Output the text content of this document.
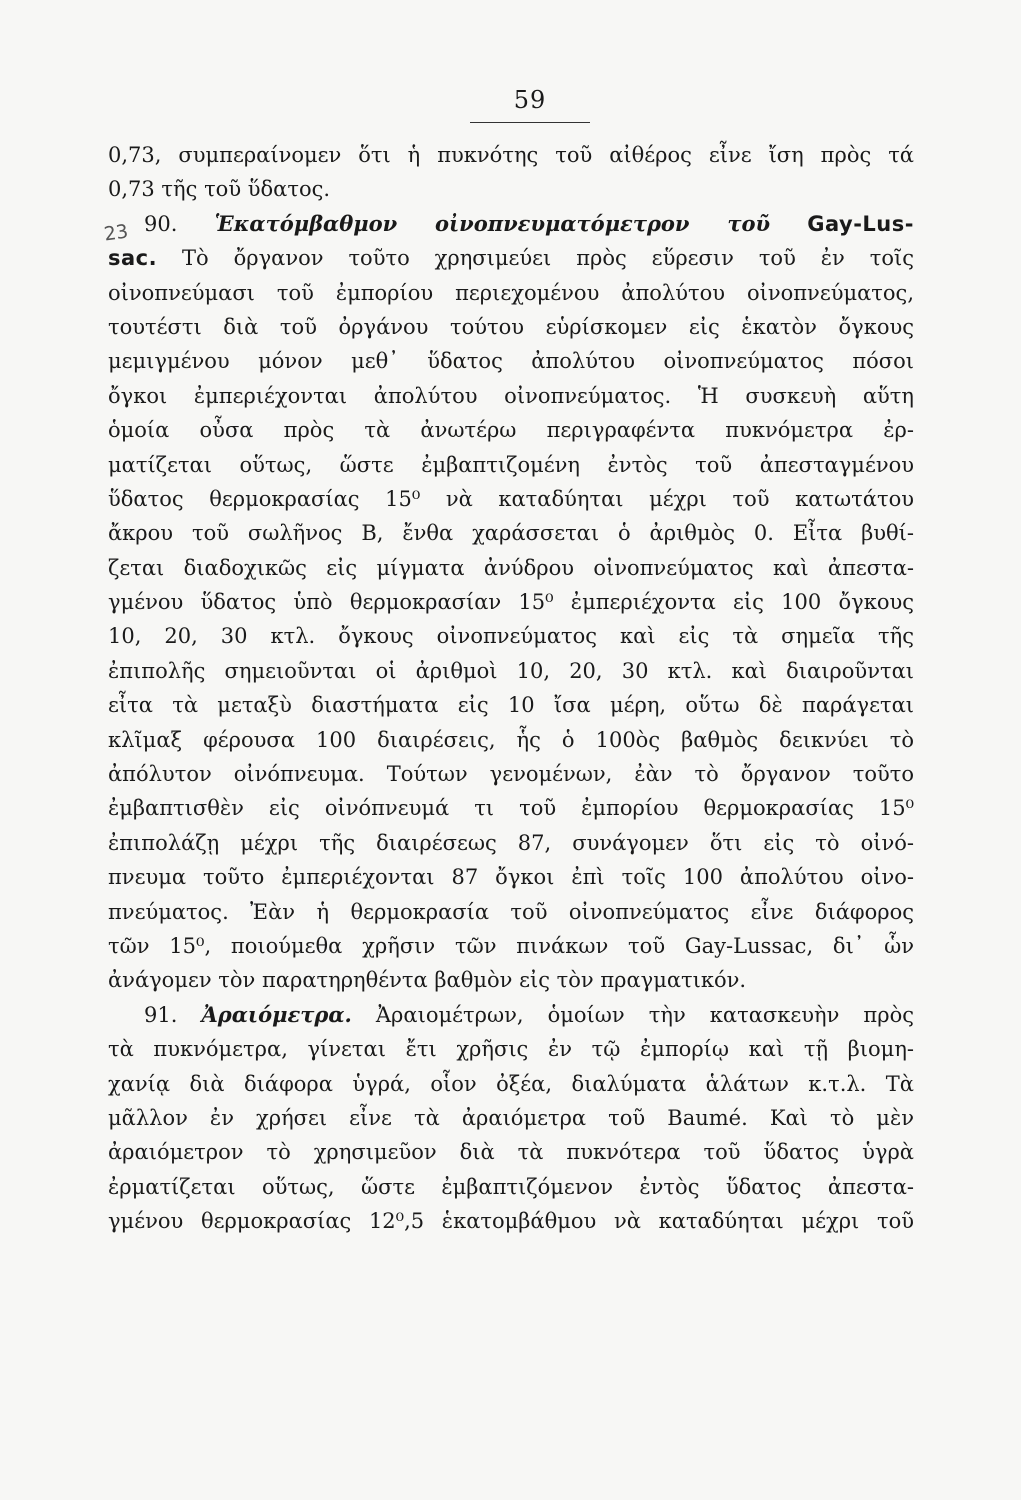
59
23
0,73, συμπεραίνομεν ὅτι ἡ πυκνότης τοῦ αἰθέρος εἶνε ἴση πρὸς τά
0,73 τῆς τοῦ ὕδατος.
90. Ἑκατόμβαθμον οἰνοπνευματόμετρον τοῦ Gay-Lus-
sac. Τὸ ὄργανον τοῦτο χρησιμεύει πρὸς εὕρεσιν τοῦ ἐν τοῖς
οἰνοπνεύμασι τοῦ ἐμπορίου περιεχομένου ἀπολύτου οἰνοπνεύματος,
τουτέστι διὰ τοῦ ὀργάνου τούτου εὑρίσκομεν εἰς ἑκατὸν ὄγκους
μεμιγμένου μόνον μεθ᾽ ὕδατος ἀπολύτου οἰνοπνεύματος πόσοι
ὄγκοι ἐμπεριέχονται ἀπολύτου οἰνοπνεύματος. Ἡ συσκευὴ αὕτη
ὁμοία οὖσα πρὸς τὰ ἀνωτέρω περιγραφέντα πυκνόμετρα ἐρ-
ματίζεται οὕτως, ὥστε ἐμβαπτιζομένη ἐντὸς τοῦ ἀπεσταγμένου
ὕδατος θερμοκρασίας 15⁰ νὰ καταδύηται μέχρι τοῦ κατωτάτου
ἄκρου τοῦ σωλῆνος B, ἔνθα χαράσσεται ὁ ἀριθμὸς 0. Εἶτα βυθί-
ζεται διαδοχικῶς εἰς μίγματα ἀνύδρου οἰνοπνεύματος καὶ ἀπεστα-
γμένου ὕδατος ὑπὸ θερμοκρασίαν 15⁰ ἐμπεριέχοντα εἰς 100 ὄγκους
10, 20, 30 κτλ. ὄγκους οἰνοπνεύματος καὶ εἰς τὰ σημεῖα τῆς
ἐπιπολῆς σημειοῦνται οἱ ἀριθμοὶ 10, 20, 30 κτλ. καὶ διαιροῦνται
εἶτα τὰ μεταξὺ διαστήματα εἰς 10 ἴσα μέρη, οὕτω δὲ παράγεται
κλῖμαξ φέρουσα 100 διαιρέσεις, ἧς ὁ 100ὸς βαθμὸς δεικνύει τὸ
ἀπόλυτον οἰνόπνευμα. Τούτων γενομένων, ἐὰν τὸ ὄργανον τοῦτο
ἐμβαπτισθὲν εἰς οἰνόπνευμά τι τοῦ ἐμπορίου θερμοκρασίας 15⁰
ἐπιπολάζῃ μέχρι τῆς διαιρέσεως 87, συνάγομεν ὅτι εἰς τὸ οἰνό-
πνευμα τοῦτο ἐμπεριέχονται 87 ὄγκοι ἐπὶ τοῖς 100 ἀπολύτου οἰνο-
πνεύματος. Ἐὰν ἡ θερμοκρασία τοῦ οἰνοπνεύματος εἶνε διάφορος
τῶν 15⁰, ποιούμεθα χρῆσιν τῶν πινάκων τοῦ Gay-Lussac, δι᾽ ὧν
ἀνάγομεν τὸν παρατηρηθέντα βαθμὸν εἰς τὸν πραγματικόν.
91. Ἀραιόμετρα. Ἀραιομέτρων, ὁμοίων τὴν κατασκευὴν πρὸς
τὰ πυκνόμετρα, γίνεται ἔτι χρῆσις ἐν τῷ ἐμπορίῳ καὶ τῇ βιομη-
χανίᾳ διὰ διάφορα ὑγρά, οἷον ὀξέα, διαλύματα ἁλάτων κ.τ.λ. Τὰ
μᾶλλον ἐν χρήσει εἶνε τὰ ἀραιόμετρα τοῦ Baumé. Καὶ τὸ μὲν
ἀραιόμετρον τὸ χρησιμεῦον διὰ τὰ πυκνότερα τοῦ ὕδατος ὑγρὰ
ἐρματίζεται οὕτως, ὥστε ἐμβαπτιζόμενον ἐντὸς ὕδατος ἀπεστα-
γμένου θερμοκρασίας 12⁰,5 ἑκατομβάθμου νὰ καταδύηται μέχρι τοῦ
